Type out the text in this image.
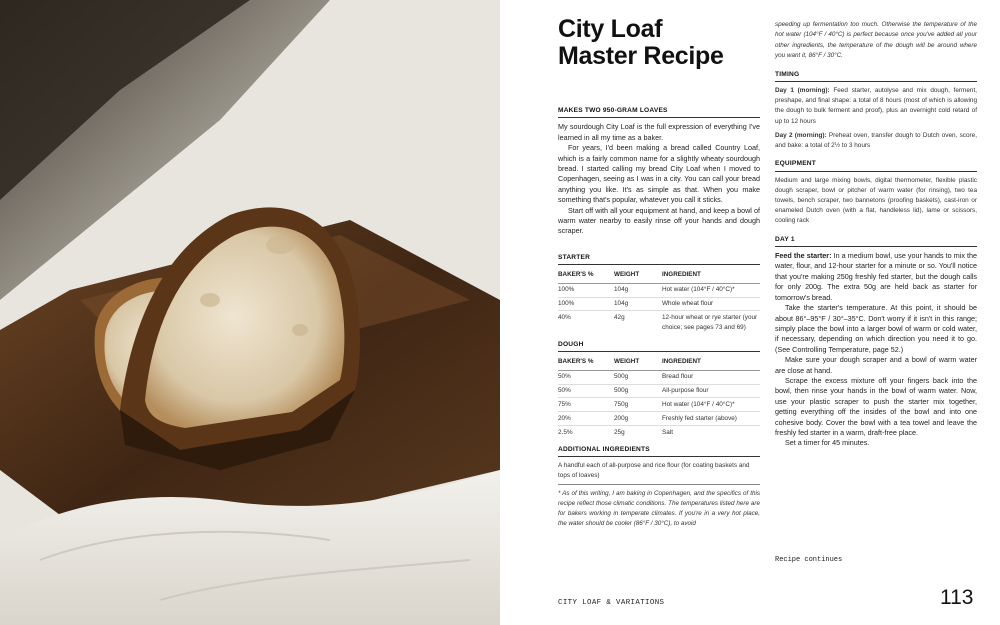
City Loaf
Master Recipe
MAKES TWO 950-GRAM LOAVES

My sourdough City Loaf is the full expression of everything I've learned in all my time as a baker.

For years, I'd been making a bread called Country Loaf, which is a fairly common name for a slightly wheaty sourdough bread. I started calling my bread City Loaf when I moved to Copenhagen, seeing as I was in a city. You can call your bread anything you like. It's as simple as that. When you make something that's popular, whatever you call it sticks.

Start off with all your equipment at hand, and keep a bowl of warm water nearby to easily rinse off your hands and dough scraper.

STARTER
BAKER'S %	WEIGHT	INGREDIENT
100%	104g	Hot water (104°F / 40°C)*
100%	104g	Whole wheat flour
40%	42g	12-hour wheat or rye starter (your choice; see pages 73 and 69)
DOUGH
BAKER'S %	WEIGHT	INGREDIENT
50%	500g	Bread flour
50%	500g	All-purpose flour
75%	750g	Hot water (104°F / 40°C)*
20%	200g	Freshly fed starter (above)
2.5%	25g	Salt
ADDITIONAL INGREDIENTS
A handful each of all-purpose and rice flour (for coating baskets and tops of loaves)
* As of this writing, I am baking in Copenhagen, and the specifics of this recipe reflect those climatic conditions. The temperatures listed here are for bakers working in temperate climates. If you're in a very hot place, the water should be cooler (86°F / 30°C), to avoid

speeding up fermentation too much. Otherwise the temperature of the hot water (104°F / 40°C) is perfect because once you've added all your other ingredients, the temperature of the dough will be around where you want it, 86°F / 30°C.

TIMING

Day 1 (morning): Feed starter, autolyse and mix dough, ferment, preshape, and final shape: a total of 8 hours (most of which is allowing the dough to bulk ferment and proof), plus an overnight cold retard of up to 12 hours

Day 2 (morning): Preheat oven, transfer dough to Dutch oven, score, and bake: a total of 2½ to 3 hours

EQUIPMENT

Medium and large mixing bowls, digital thermometer, flexible plastic dough scraper, bowl or pitcher of warm water (for rinsing), two tea towels, bench scraper, two bannetons (proofing baskets), cast-iron or enameled Dutch oven (with a flat, handleless lid), lame or scissors, cooling rack

DAY 1

Feed the starter: In a medium bowl, use your hands to mix the water, flour, and 12-hour starter for a minute or so. You'll notice that you're making 250g freshly fed starter, but the dough calls for only 200g. The extra 50g are held back as starter for tomorrow's bread.

Take the starter's temperature. At this point, it should be about 86°–95°F / 30°–35°C. Don't worry if it isn't in this range; simply place the bowl into a larger bowl of warm or cold water, if necessary, depending on which direction you need it to go. (See Controlling Temperature, page 52.)

Make sure your dough scraper and a bowl of warm water are close at hand.

Scrape the excess mixture off your fingers back into the bowl, then rinse your hands in the bowl of warm water. Now, use your plastic scraper to push the starter mix together, getting everything off the insides of the bowl and into one cohesive body. Cover the bowl with a tea towel and leave the freshly fed starter in a warm, draft-free place.

Set a timer for 45 minutes.

Recipe continues
CITY LOAF & VARIATIONS	113
